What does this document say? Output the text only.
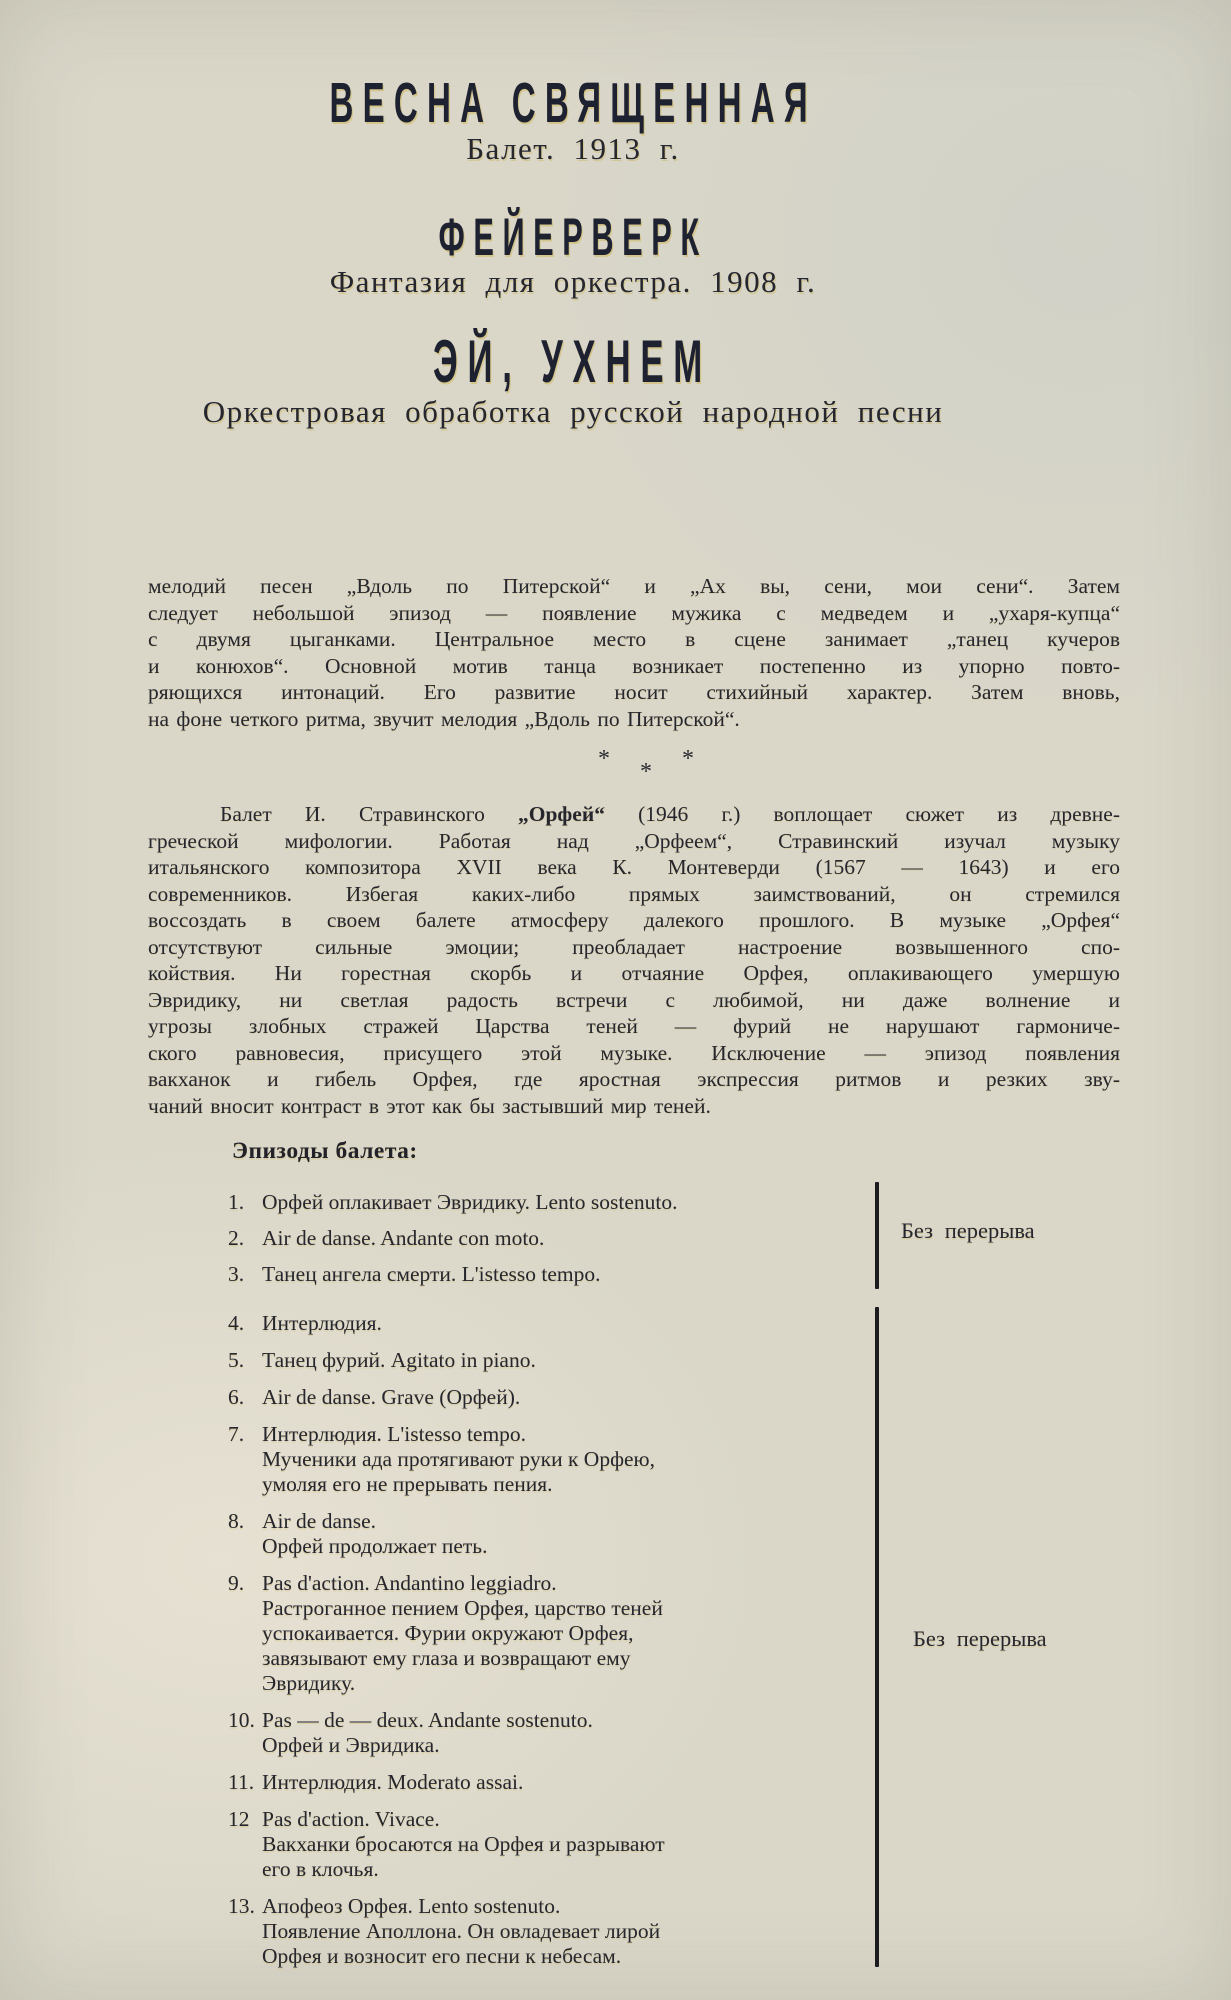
ВЕСНА СВЯЩЕННАЯ
Балет. 1913 г.
ФЕЙЕРВЕРК
Фантазия для оркестра. 1908 г.
ЭЙ, УХНЕМ
Оркестровая обработка русской народной песни
мелодий песен „Вдоль по Питерской“ и „Ах вы, сени, мои сени“. Затем
следует небольшой эпизод — появление мужика с медведем и „ухаря-купца“
с двумя цыганками. Центральное место в сцене занимает „танец кучеров
и конюхов“. Основной мотив танца возникает постепенно из упорно повто-
ряющихся интонаций. Его развитие носит стихийный характер. Затем вновь,
на фоне четкого ритма, звучит мелодия „Вдоль по Питерской“.
* * *
Балет И. Стравинского „Орфей“ (1946 г.) воплощает сюжет из древне-
греческой мифологии. Работая над „Орфеем“, Стравинский изучал музыку
итальянского композитора XVII века К. Монтеверди (1567 — 1643) и его
современников. Избегая каких-либо прямых заимствований, он стремился
воссоздать в своем балете атмосферу далекого прошлого. В музыке „Орфея“
отсутствуют сильные эмоции; преобладает настроение возвышенного спо-
койствия. Ни горестная скорбь и отчаяние Орфея, оплакивающего умершую
Эвридику, ни светлая радость встречи с любимой, ни даже волнение и
угрозы злобных стражей Царства теней — фурий не нарушают гармониче-
ского равновесия, присущего этой музыке. Исключение — эпизод появления
вакханок и гибель Орфея, где яростная экспрессия ритмов и резких зву-
чаний вносит контраст в этот как бы застывший мир теней.
Эпизоды балета:
1. Орфей оплакивает Эвридику. Lento sostenuto.
2. Air de danse. Andante con moto.
3. Танец ангела смерти. L'istesso tempo.
4. Интерлюдия.
5. Танец фурий. Agitato in piano.
6. Air de danse. Grave (Орфей).
7. Интерлюдия. L'istesso tempo.
Мученики ада протягивают руки к Орфею,
умоляя его не прерывать пения.
8. Air de danse.
Орфей продолжает петь.
9. Pas d'action. Andantino leggiadro.
Растроганное пением Орфея, царство теней
успокаивается. Фурии окружают Орфея,
завязывают ему глаза и возвращают ему
Эвридику.
10. Pas — de — deux. Andante sostenuto.
Орфей и Эвридика.
11. Интерлюдия. Moderato assai.
12 Pas d'action. Vivace.
Вакханки бросаются на Орфея и разрывают
его в клочья.
13. Апофеоз Орфея. Lento sostenuto.
Появление Аполлона. Он овладевает лирой
Орфея и возносит его песни к небесам.
Без перерыва
Без перерыва
